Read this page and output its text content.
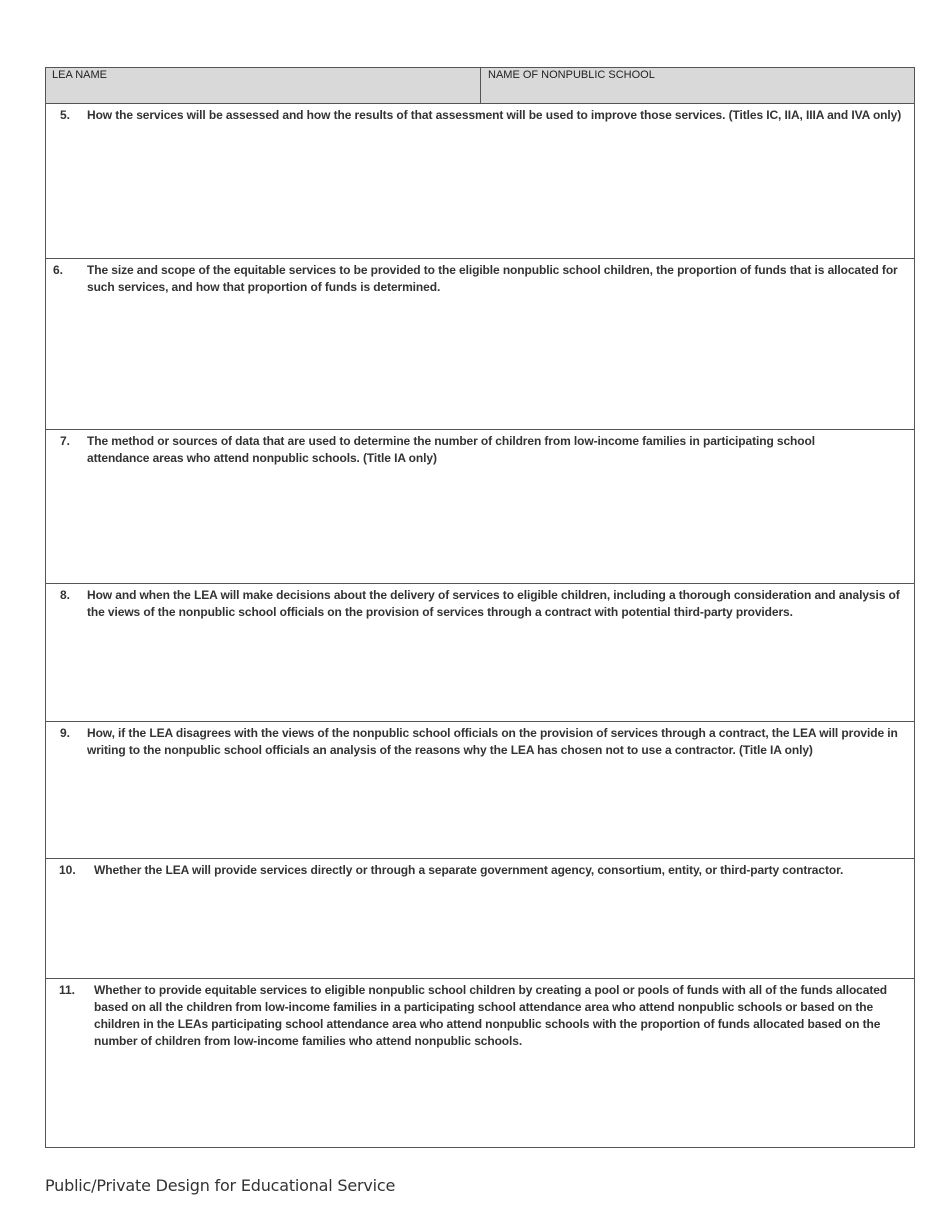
LEA NAME	NAME OF NONPUBLIC SCHOOL
5. How the services will be assessed and how the results of that assessment will be used to improve those services. (Titles IC, IIA, IIIA and IVA only)
6. The size and scope of the equitable services to be provided to the eligible nonpublic school children, the proportion of funds that is allocated for such services, and how that proportion of funds is determined.
7. The method or sources of data that are used to determine the number of children from low-income families in participating school attendance areas who attend nonpublic schools. (Title IA only)
8. How and when the LEA will make decisions about the delivery of services to eligible children, including a thorough consideration and analysis of the views of the nonpublic school officials on the provision of services through a contract with potential third-party providers.
9. How, if the LEA disagrees with the views of the nonpublic school officials on the provision of services through a contract, the LEA will provide in writing to the nonpublic school officials an analysis of the reasons why the LEA has chosen not to use a contractor. (Title IA only)
10. Whether the LEA will provide services directly or through a separate government agency, consortium, entity, or third-party contractor.
11. Whether to provide equitable services to eligible nonpublic school children by creating a pool or pools of funds with all of the funds allocated based on all the children from low-income families in a participating school attendance area who attend nonpublic schools or based on the children in the LEAs participating school attendance area who attend nonpublic schools with the proportion of funds allocated based on the number of children from low-income families who attend nonpublic schools.
Public/Private Design for Educational Service
